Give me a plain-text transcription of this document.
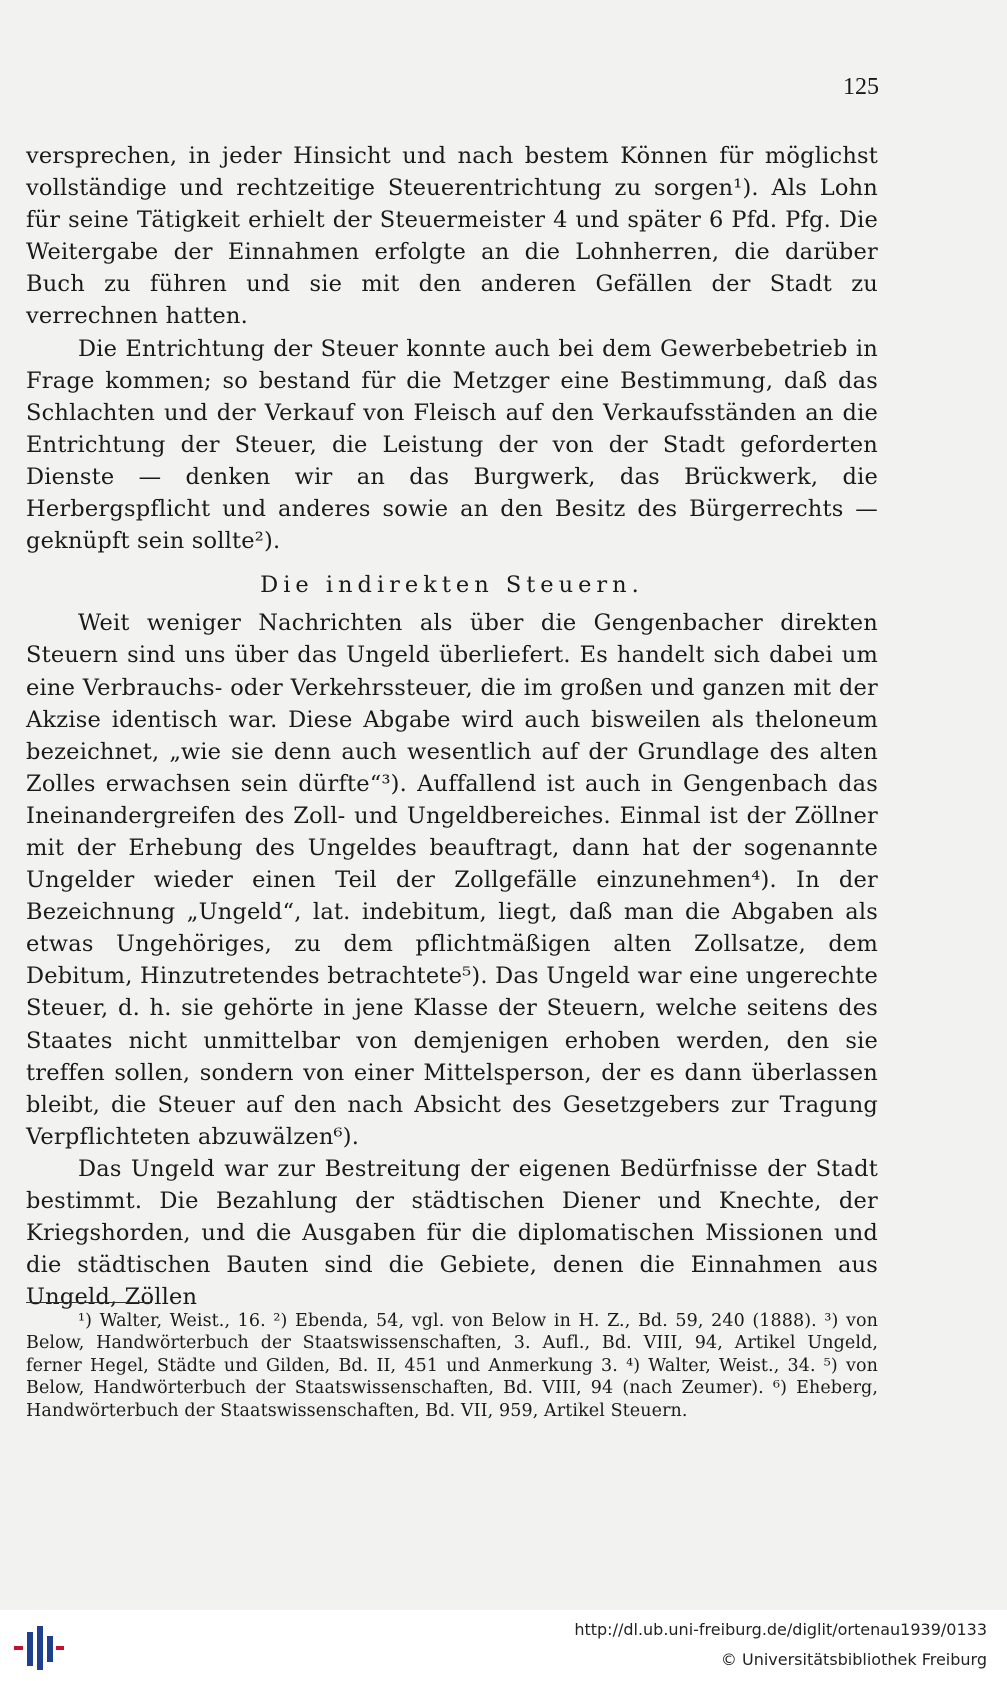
125

versprechen, in jeder Hinsicht und nach bestem Können für möglichst vollständige und rechtzeitige Steuerentrichtung zu sorgen¹). Als Lohn für seine Tätigkeit erhielt der Steuermeister 4 und später 6 Pfd. Pfg. Die Weitergabe der Einnahmen erfolgte an die Lohnherren, die darüber Buch zu führen und sie mit den anderen Gefällen der Stadt zu verrechnen hatten.

Die Entrichtung der Steuer konnte auch bei dem Gewerbebetrieb in Frage kommen; so bestand für die Metzger eine Bestimmung, daß das Schlachten und der Verkauf von Fleisch auf den Verkaufsständen an die Entrichtung der Steuer, die Leistung der von der Stadt geforderten Dienste — denken wir an das Burgwerk, das Brückwerk, die Herbergspflicht und anderes sowie an den Besitz des Bürgerrechts — geknüpft sein sollte²).

Die indirekten Steuern.

Weit weniger Nachrichten als über die Gengenbacher direkten Steuern sind uns über das Ungeld überliefert. Es handelt sich dabei um eine Verbrauchs- oder Verkehrssteuer, die im großen und ganzen mit der Akzise identisch war. Diese Abgabe wird auch bisweilen als theloneum bezeichnet, „wie sie denn auch wesentlich auf der Grundlage des alten Zolles erwachsen sein dürfte“³). Auffallend ist auch in Gengenbach das Ineinandergreifen des Zoll- und Ungeldbereiches. Einmal ist der Zöllner mit der Erhebung des Ungeldes beauftragt, dann hat der sogenannte Ungelder wieder einen Teil der Zollgefälle einzunehmen⁴). In der Bezeichnung „Ungeld“, lat. indebitum, liegt, daß man die Abgaben als etwas Ungehöriges, zu dem pflichtmäßigen alten Zollsatze, dem Debitum, Hinzutretendes betrachtete⁵). Das Ungeld war eine ungerechte Steuer, d. h. sie gehörte in jene Klasse der Steuern, welche seitens des Staates nicht unmittelbar von demjenigen erhoben werden, den sie treffen sollen, sondern von einer Mittelsperson, der es dann überlassen bleibt, die Steuer auf den nach Absicht des Gesetzgebers zur Tragung Verpflichteten abzuwälzen⁶).

Das Ungeld war zur Bestreitung der eigenen Bedürfnisse der Stadt bestimmt. Die Bezahlung der städtischen Diener und Knechte, der Kriegshorden, und die Ausgaben für die diplomatischen Missionen und die städtischen Bauten sind die Gebiete, denen die Einnahmen aus Ungeld, Zöllen

¹) Walter, Weist., 16. ²) Ebenda, 54, vgl. von Below in H. Z., Bd. 59, 240 (1888). ³) von Below, Handwörterbuch der Staatswissenschaften, 3. Aufl., Bd. VIII, 94, Artikel Ungeld, ferner Hegel, Städte und Gilden, Bd. II, 451 und Anmerkung 3. ⁴) Walter, Weist., 34. ⁵) von Below, Handwörterbuch der Staatswissenschaften, Bd. VIII, 94 (nach Zeumer). ⁶) Eheberg, Handwörterbuch der Staatswissenschaften, Bd. VII, 959, Artikel Steuern.

http://dl.ub.uni-freiburg.de/diglit/ortenau1939/0133
© Universitätsbibliothek Freiburg
